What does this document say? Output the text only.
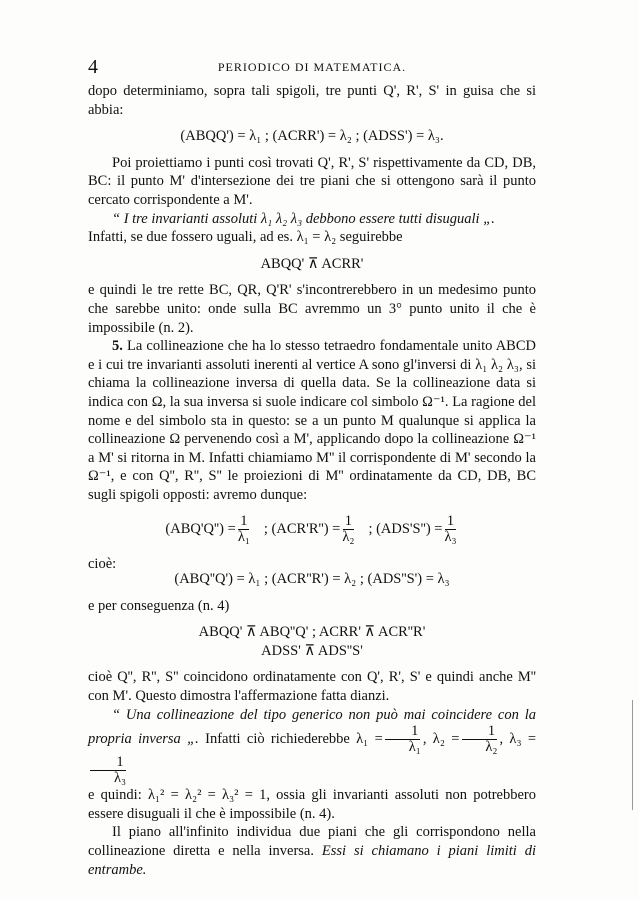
4	PERIODICO DI MATEMATICA.

dopo determiniamo, sopra tali spigoli, tre punti Q', R', S' in guisa che si abbia:

(ABQQ') = λ₁ ; (ACRR') = λ₂ ; (ADSS') = λ₃.

Poi proiettiamo i punti così trovati Q', R', S' rispettivamente da CD, DB, BC: il punto M' d'intersezione dei tre piani che si ottengono sarà il punto cercato corrispondente a M'.

“ I tre invarianti assoluti λ₁ λ₂ λ₃ debbono essere tutti disuguali „.

Infatti, se due fossero uguali, ad es. λ₁ = λ₂ seguirebbe

ABQQ' ⊼ ACRR'

e quindi le tre rette BC, QR, Q'R' s'incontrerebbero in un medesimo punto che sarebbe unito: onde sulla BC avremmo un 3° punto unito il che è impossibile (n. 2).

5. La collineazione che ha lo stesso tetraedro fondamentale unito ABCD e i cui tre invarianti assoluti inerenti al vertice A sono gl'inversi di λ₁ λ₂ λ₃, si chiama la collineazione inversa di quella data. Se la collineazione data si indica con Ω, la sua inversa si suole indicare col simbolo Ω⁻¹. La ragione del nome e del simbolo sta in questo: se a un punto M qualunque si applica la collineazione Ω pervenendo così a M', applicando dopo la collineazione Ω⁻¹ a M' si ritorna in M. Infatti chiamiamo M'' il corrispondente di M' secondo la Ω⁻¹, e con Q'', R'', S'' le proiezioni di M'' ordinatamente da CD, DB, BC sugli spigoli opposti: avremo dunque:

$(ABQ'Q'') = \frac{1}{\text{λ₁}}$ ; $(ACR'R'') = \frac{1}{\text{λ₂}}$ ; $(ADS'S'') = \frac{1}{\text{λ₃}}$

cioè:

(ABQ''Q') = λ₁ ; (ACR''R') = λ₂ ; (ADS''S') = λ₃

e per conseguenza (n. 4)

ABQQ' ⊼ ABQ''Q' ; ACRR' ⊼ ACR''R'

ADSS' ⊼ ADS''S'

cioè Q'', R'', S'' coincidono ordinatamente con Q', R', S' e quindi anche M'' con M'. Questo dimostra l'affermazione fatta dianzi.

“ Una collineazione del tipo generico non può mai coincidere con la propria inversa „. Infatti ciò richiederebbe $\lambda_1 = \frac{1}{\text{λ₁}}$ , $\lambda_2 = \frac{1}{\text{λ₂}}$ , λ₃ =
$\frac{1}{\text{λ₃}}$

e quindi: λ₁² = λ₂² = λ₃² = 1, ossia gli invarianti assoluti non potrebbero essere disuguali il che è impossibile (n. 4).

Il piano all'infinito individua due piani che gli corrispondono nella collineazione diretta e nella inversa. Essi si chiamano i piani limiti di entrambe.
